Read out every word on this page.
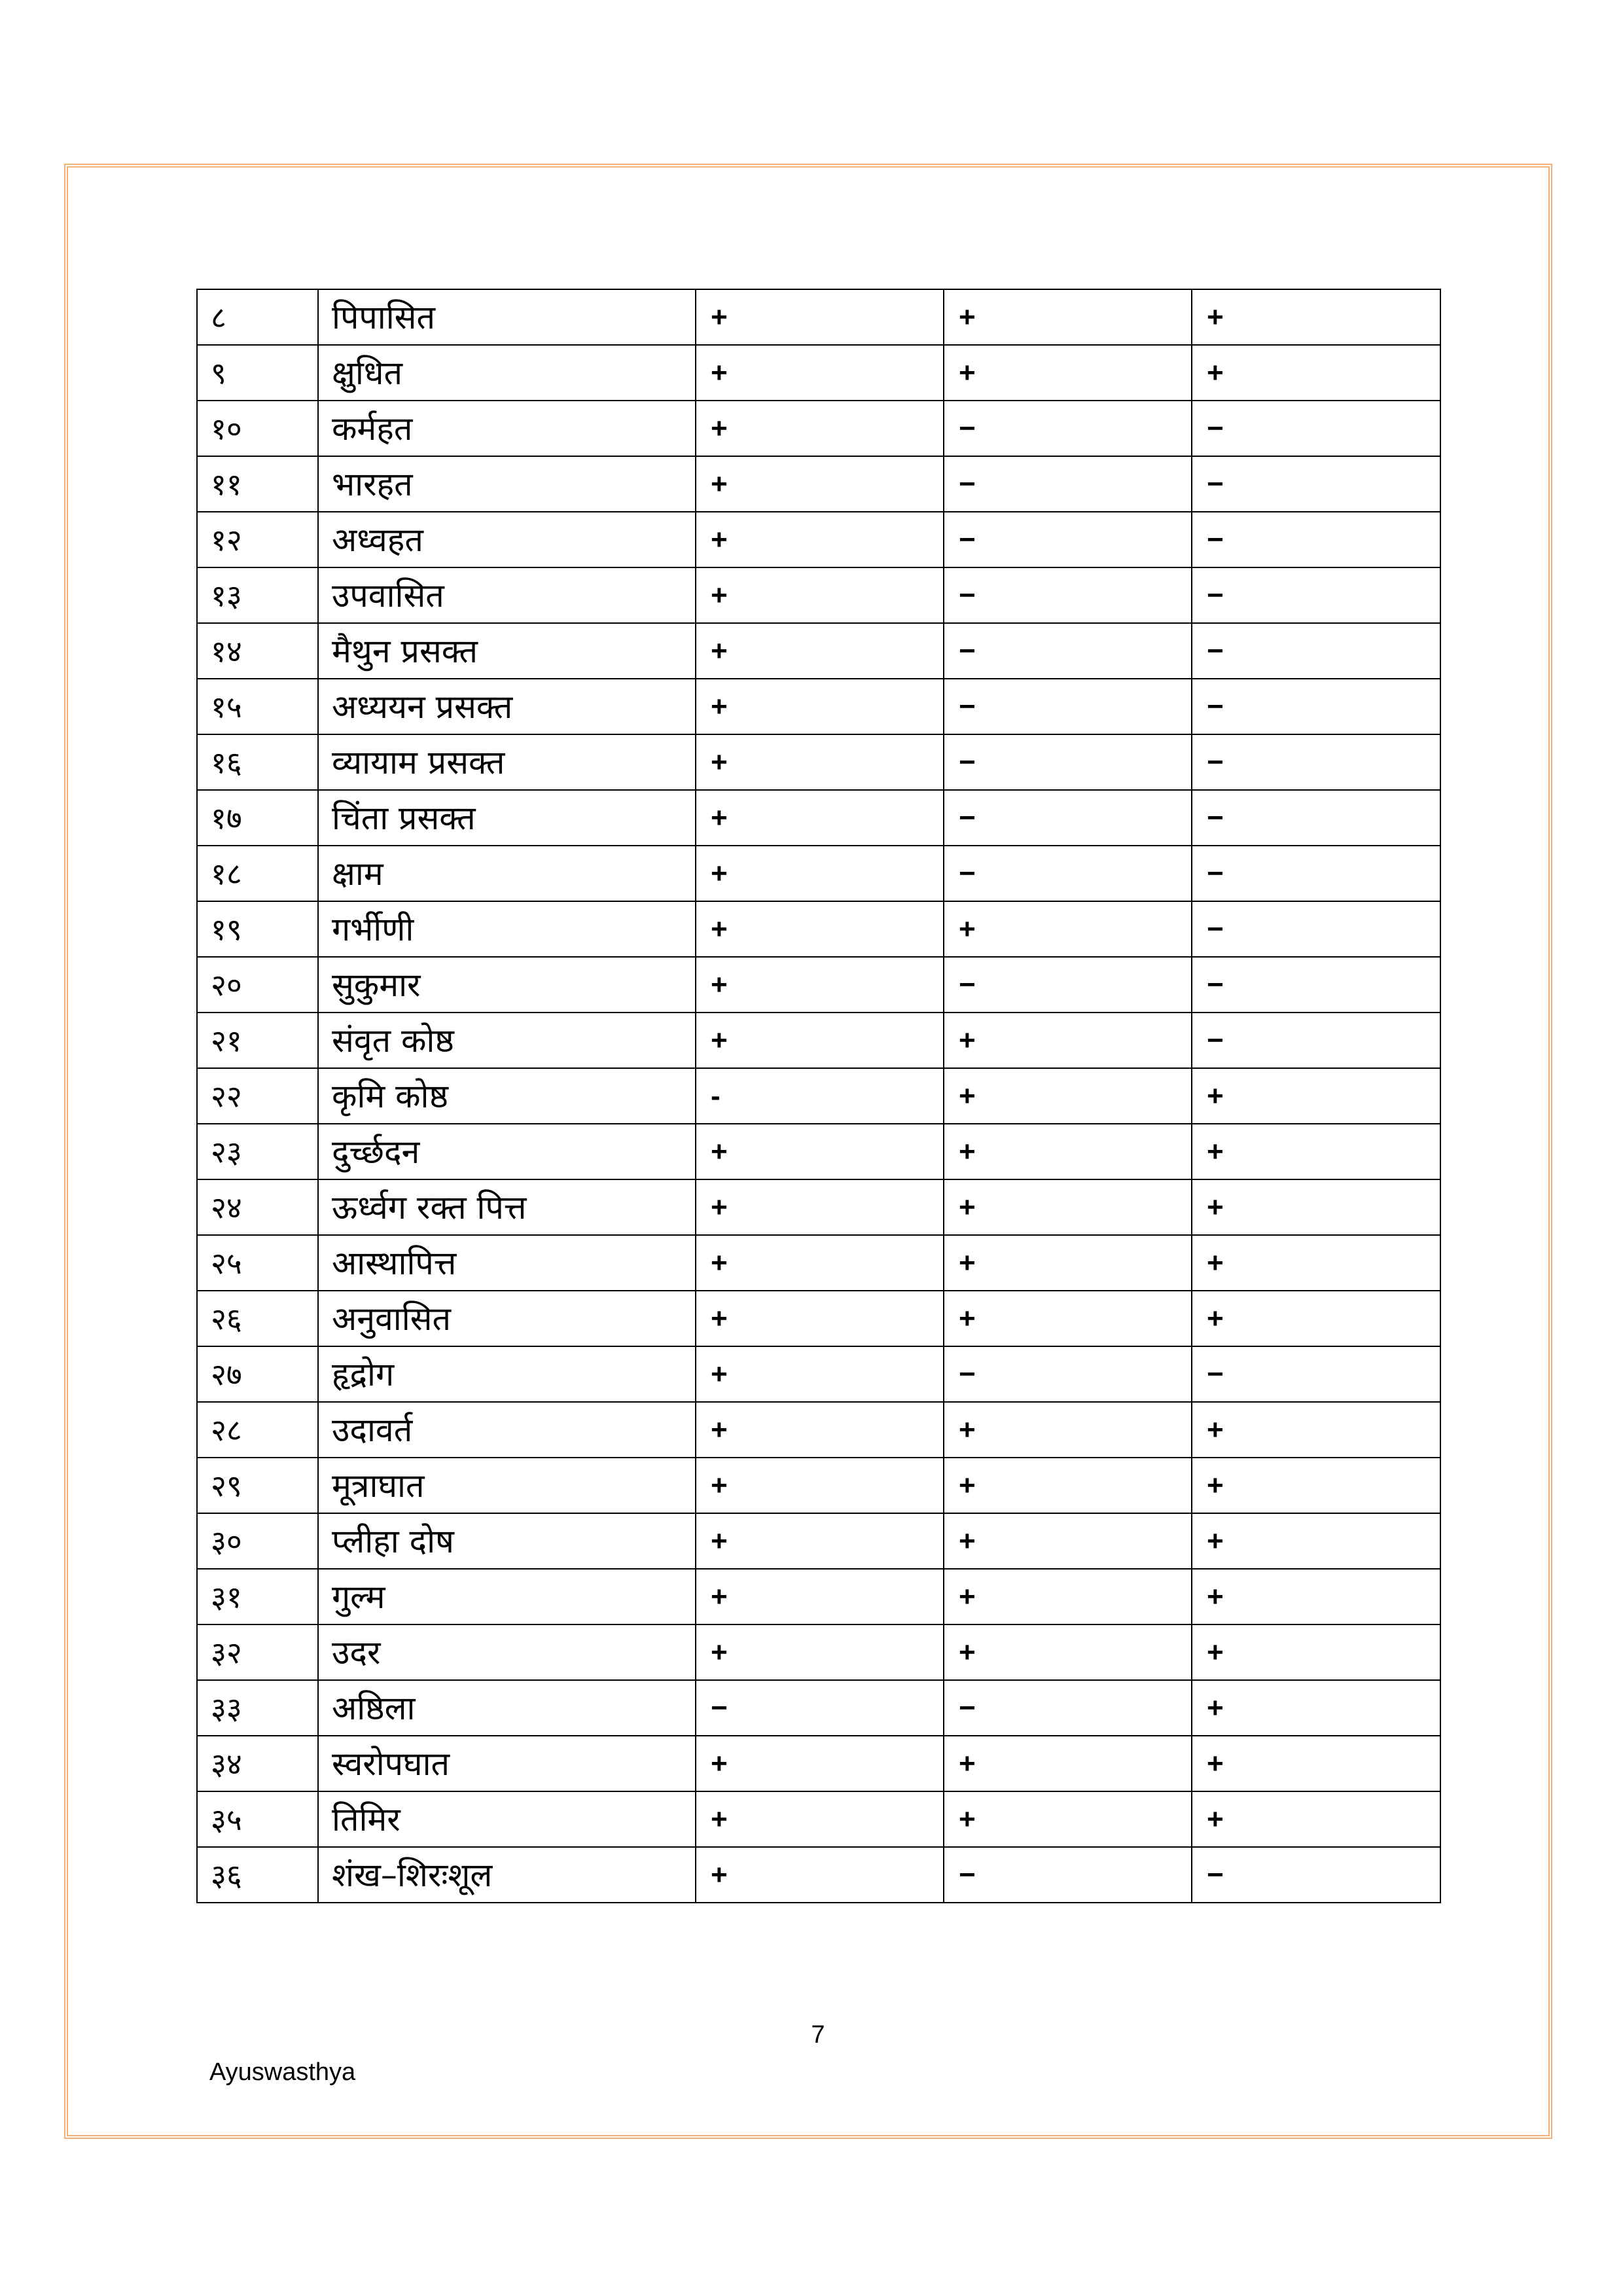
८	पिपासित	+	+	+
९	क्षुधित	+	+	+
१०	कर्महत	+	−	−
११	भारहत	+	−	−
१२	अध्वहत	+	−	−
१३	उपवासित	+	−	−
१४	मैथुन प्रसक्त	+	−	−
१५	अध्ययन प्रसक्त	+	−	−
१६	व्यायाम प्रसक्त	+	−	−
१७	चिंता प्रसक्त	+	−	−
१८	क्षाम	+	−	−
१९	गर्भीणी	+	+	−
२०	सुकुमार	+	−	−
२१	संवृत कोष्ठ	+	+	−
२२	कृमि कोष्ठ	-	+	+
२३	दुर्च्छदन	+	+	+
२४	ऊर्ध्वग रक्त पित्त	+	+	+
२५	आस्थापित्त	+	+	+
२६	अनुवासित	+	+	+
२७	हृद्रोग	+	−	−
२८	उदावर्त	+	+	+
२९	मूत्राघात	+	+	+
३०	प्लीहा दोष	+	+	+
३१	गुल्म	+	+	+
३२	उदर	+	+	+
३३	अष्ठिला	−	−	+
३४	स्वरोपघात	+	+	+
३५	तिमिर	+	+	+
३६	शंख–शिरःशूल	+	−	−
7
Ayuswasthya
